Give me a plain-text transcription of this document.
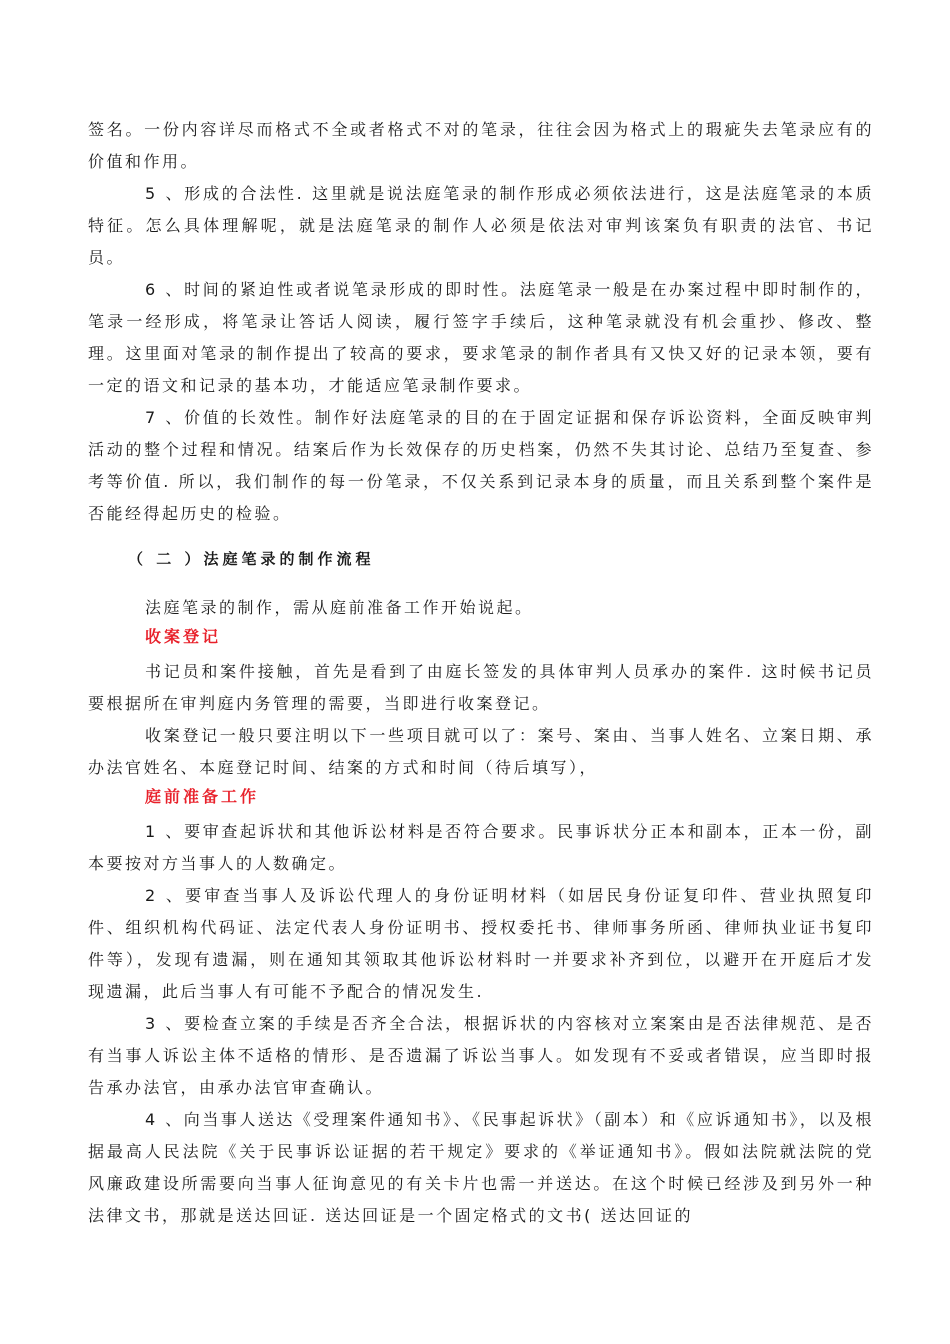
签名。一份内容详尽而格式不全或者格式不对的笔录，往往会因为格式上的瑕疵失去笔录应有的价值和作用。

5 、形成的合法性. 这里就是说法庭笔录的制作形成必须依法进行，这是法庭笔录的本质特征。怎么具体理解呢，就是法庭笔录的制作人必须是依法对审判该案负有职责的法官、书记员。

6 、时间的紧迫性或者说笔录形成的即时性。法庭笔录一般是在办案过程中即时制作的，笔录一经形成，将笔录让答话人阅读，履行签字手续后，这种笔录就没有机会重抄、修改、整理。这里面对笔录的制作提出了较高的要求，要求笔录的制作者具有又快又好的记录本领，要有一定的语文和记录的基本功，才能适应笔录制作要求。

7 、价值的长效性。制作好法庭笔录的目的在于固定证据和保存诉讼资料，全面反映审判活动的整个过程和情况。结案后作为长效保存的历史档案，仍然不失其讨论、总结乃至复查、参考等价值. 所以，我们制作的每一份笔录，不仅关系到记录本身的质量，而且关系到整个案件是否能经得起历史的检验。

（ 二 ）法庭笔录的制作流程

法庭笔录的制作，需从庭前准备工作开始说起。

收案登记

书记员和案件接触，首先是看到了由庭长签发的具体审判人员承办的案件. 这时候书记员要根据所在审判庭内务管理的需要，当即进行收案登记。

收案登记一般只要注明以下一些项目就可以了：案号、案由、当事人姓名、立案日期、承办法官姓名、本庭登记时间、结案的方式和时间（待后填写），

庭前准备工作

1 、要审查起诉状和其他诉讼材料是否符合要求。民事诉状分正本和副本，正本一份，副本要按对方当事人的人数确定。

2 、要审查当事人及诉讼代理人的身份证明材料（如居民身份证复印件、营业执照复印件、组织机构代码证、法定代表人身份证明书、授权委托书、律师事务所函、律师执业证书复印件等），发现有遗漏，则在通知其领取其他诉讼材料时一并要求补齐到位，以避开在开庭后才发现遗漏，此后当事人有可能不予配合的情况发生.

3 、要检查立案的手续是否齐全合法，根据诉状的内容核对立案案由是否法律规范、是否有当事人诉讼主体不适格的情形、是否遗漏了诉讼当事人。如发现有不妥或者错误，应当即时报告承办法官，由承办法官审查确认。

4 、向当事人送达《受理案件通知书》、《民事起诉状》（副本）和《应诉通知书》，以及根据最高人民法院《关于民事诉讼证据的若干规定》要求的《举证通知书》。假如法院就法院的党风廉政建设所需要向当事人征询意见的有关卡片也需一并送达。在这个时候已经涉及到另外一种法律文书，那就是送达回证. 送达回证是一个固定格式的文书( 送达回证的
